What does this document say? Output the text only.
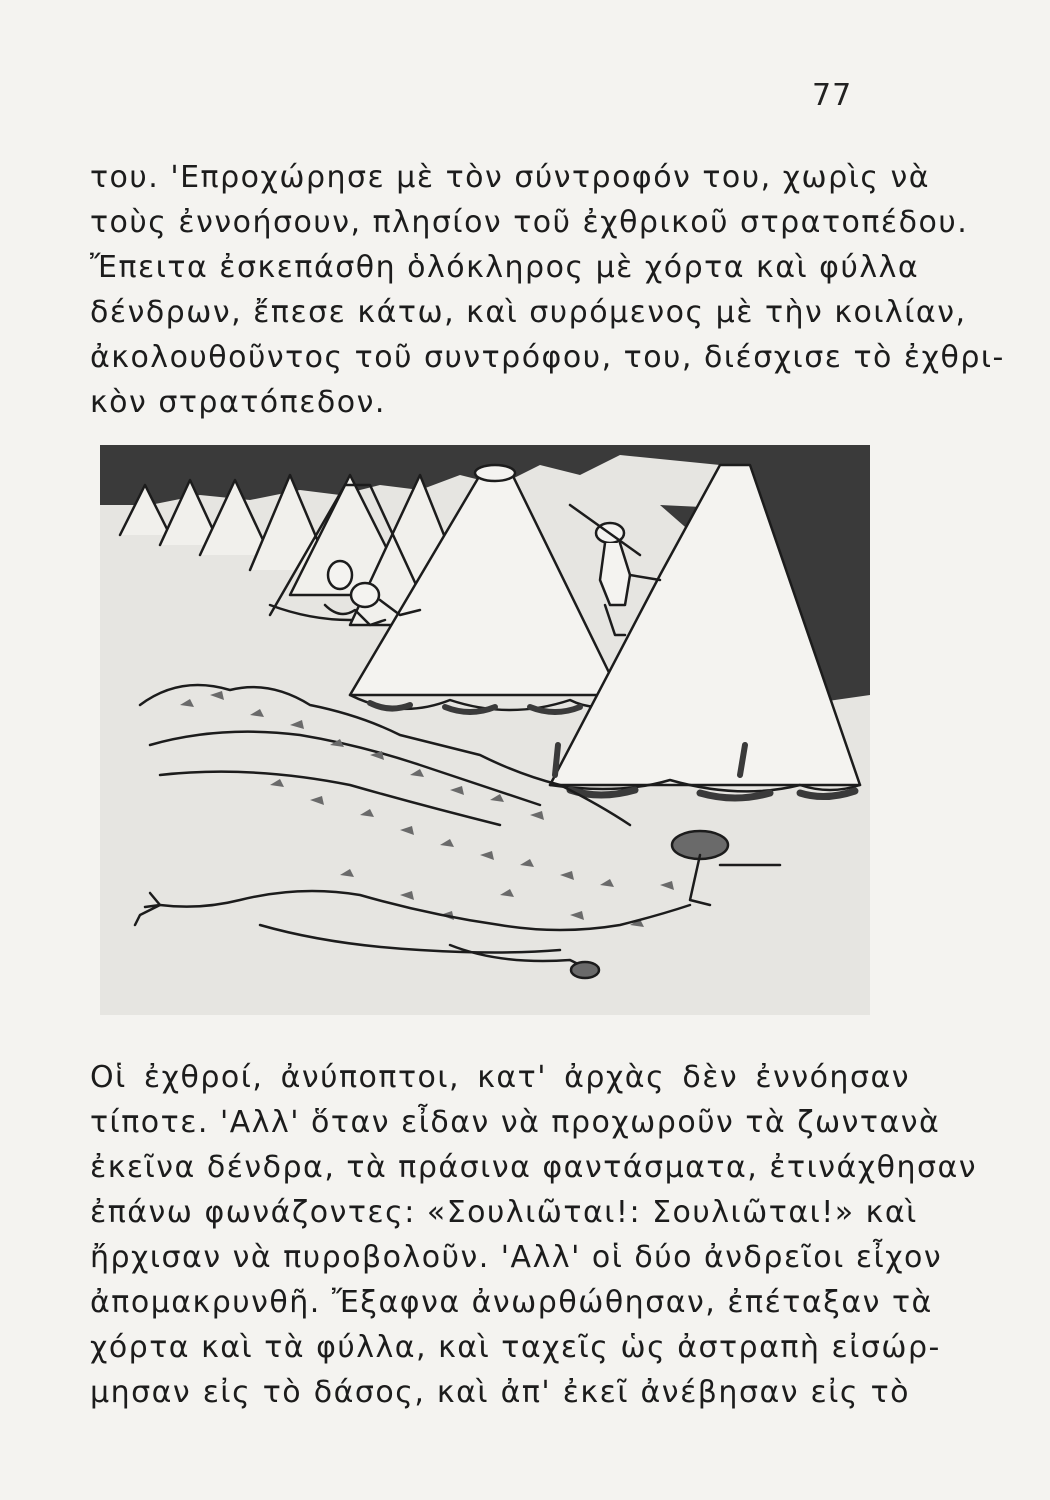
77
του. 'Επροχώρησε μὲ τὸν σύντροφόν του, χωρὶς νὰ
τοὺς ἐννοήσουν, πλησίον τοῦ ἐχθρικοῦ στρατοπέδου.
Ἔπειτα ἐσκεπάσθη ὁλόκληρος μὲ χόρτα καὶ φύλλα
δένδρων, ἔπεσε κάτω, καὶ συρόμενος μὲ τὴν κοιλίαν,
ἀκολουθοῦντος τοῦ συντρόφου, του, διέσχισε τὸ ἐχθρι-
κὸν στρατόπεδον.
Οἱ ἐχθροί, ἀνύποπτοι, κατ' ἀρχὰς δὲν ἐννόησαν
τίποτε. 'Αλλ' ὅταν εἶδαν νὰ προχωροῦν τὰ ζωντανὰ
ἐκεῖνα δένδρα, τὰ πράσινα φαντάσματα, ἐτινάχθησαν
ἐπάνω φωνάζοντες: «Σουλιῶται!: Σουλιῶται!» καὶ
ἤρχισαν νὰ πυροβολοῦν. 'Αλλ' οἱ δύο ἀνδρεῖοι εἶχον
ἀπομακρυνθῆ. Ἔξαφνα ἀνωρθώθησαν, ἐπέταξαν τὰ
χόρτα καὶ τὰ φύλλα, καὶ ταχεῖς ὡς ἀστραπὴ εἰσώρ-
μησαν εἰς τὸ δάσος, καὶ ἀπ' ἐκεῖ ἀνέβησαν εἰς τὸ
